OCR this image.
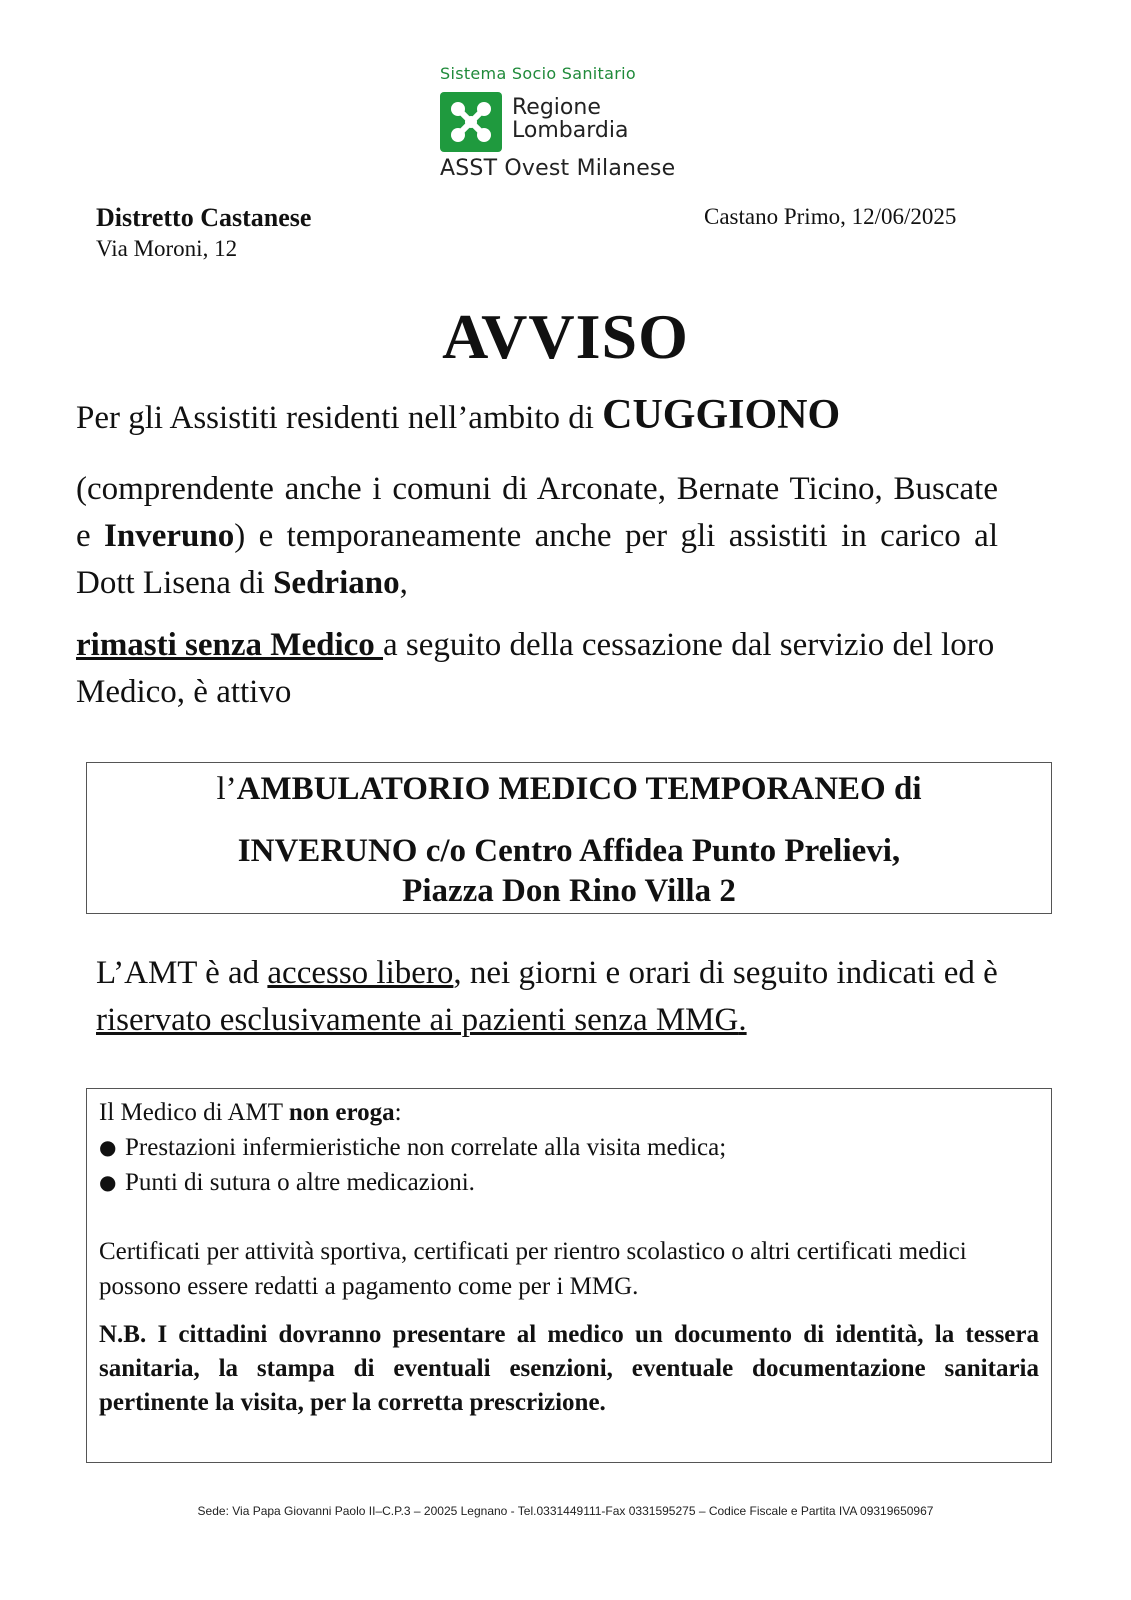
Sistema Socio Sanitario
Regione
Lombardia
ASST Ovest Milanese
Distretto Castanese
Via Moroni, 12
Castano Primo, 12/06/2025
AVVISO
Per gli Assistiti residenti nell’ambito di CUGGIONO
(comprendente anche i comuni di Arconate, Bernate Ticino, Buscate e Inveruno) e temporaneamente anche per gli assistiti in carico al Dott Lisena di Sedriano,
rimasti senza Medico a seguito della cessazione dal servizio del loro Medico, è attivo
l’AMBULATORIO MEDICO TEMPORANEO di
INVERUNO c/o Centro Affidea Punto Prelievi,
Piazza Don Rino Villa 2
L’AMT è ad accesso libero, nei giorni e orari di seguito indicati ed è riservato esclusivamente ai pazienti senza MMG.
Il Medico di AMT non eroga:
● Prestazioni infermieristiche non correlate alla visita medica;
● Punti di sutura o altre medicazioni.
Certificati per attività sportiva, certificati per rientro scolastico o altri certificati medici possono essere redatti a pagamento come per i MMG.
N.B. I cittadini dovranno presentare al medico un documento di identità, la tessera sanitaria, la stampa di eventuali esenzioni, eventuale documentazione sanitaria pertinente la visita, per la corretta prescrizione.
Sede: Via Papa Giovanni Paolo II–C.P.3 – 20025 Legnano - Tel.0331449111-Fax 0331595275 – Codice Fiscale e Partita IVA 09319650967
